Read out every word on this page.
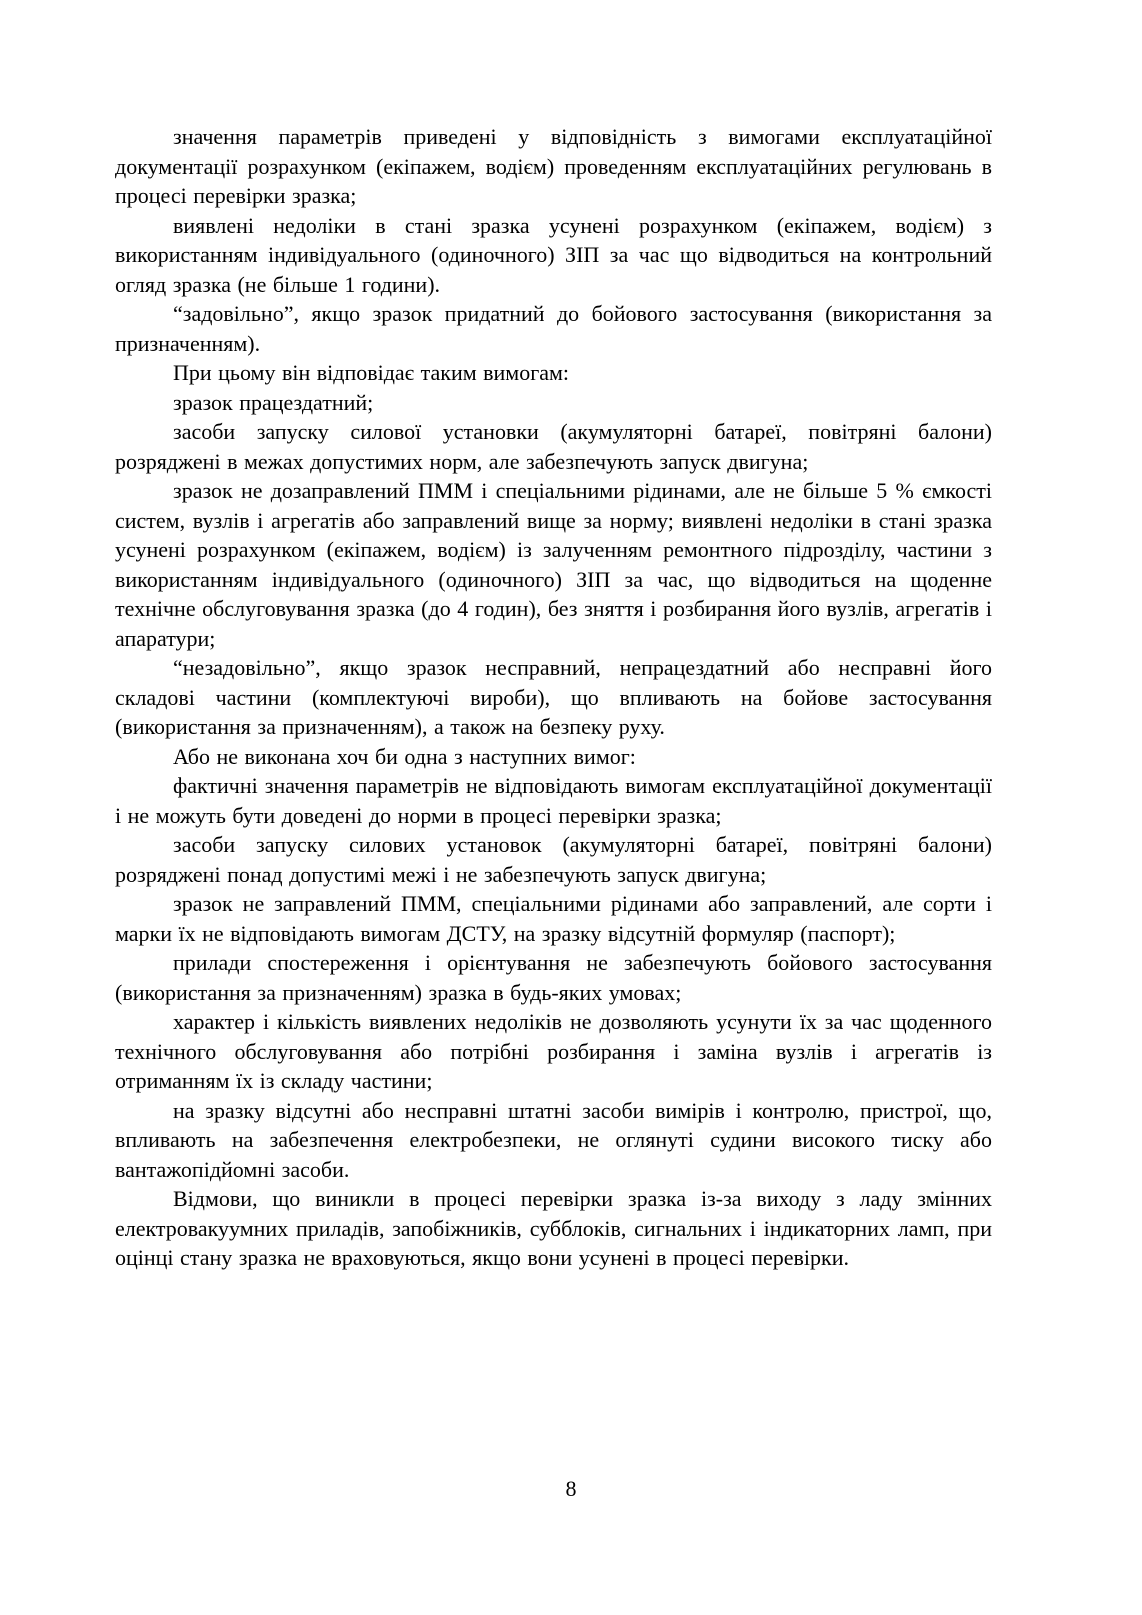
значення параметрів приведені у відповідність з вимогами експлуатаційної документації розрахунком (екіпажем, водієм) проведенням експлуатаційних регулювань в процесі перевірки зразка;

виявлені недоліки в стані зразка усунені розрахунком (екіпажем, водієм) з використанням індивідуального (одиночного) ЗІП за час що відводиться на контрольний огляд зразка (не більше 1 години).

“задовільно”, якщо зразок придатний до бойового застосування (використання за призначенням).

При цьому він відповідає таким вимогам:

зразок працездатний;

засоби запуску силової установки (акумуляторні батареї, повітряні балони) розряджені в межах допустимих норм, але забезпечують запуск двигуна;

зразок не дозаправлений ПММ і спеціальними рідинами, але не більше 5 % ємкості систем, вузлів і агрегатів або заправлений вище за норму; виявлені недоліки в стані зразка усунені розрахунком (екіпажем, водієм) із залученням ремонтного підрозділу, частини з використанням індивідуального (одиночного) ЗІП за час, що відводиться на щоденне технічне обслуговування зразка (до 4 годин), без зняття і розбирання його вузлів, агрегатів і апаратури;

“незадовільно”, якщо зразок несправний, непрацездатний або несправні його складові частини (комплектуючі вироби), що впливають на бойове застосування (використання за призначенням), а також на безпеку руху.

Або не виконана хоч би одна з наступних вимог:

фактичні значення параметрів не відповідають вимогам експлуатаційної документації і не можуть бути доведені до норми в процесі перевірки зразка;

засоби запуску силових установок (акумуляторні батареї, повітряні балони) розряджені понад допустимі межі і не забезпечують запуск двигуна;

зразок не заправлений ПММ, спеціальними рідинами або заправлений, але сорти і марки їх не відповідають вимогам ДСТУ, на зразку відсутній формуляр (паспорт);

прилади спостереження і орієнтування не забезпечують бойового застосування (використання за призначенням) зразка в будь-яких умовах;

характер і кількість виявлених недоліків не дозволяють усунути їх за час щоденного технічного обслуговування або потрібні розбирання і заміна вузлів і агрегатів із отриманням їх із складу частини;

на зразку відсутні або несправні штатні засоби вимірів і контролю, пристрої, що, впливають на забезпечення електробезпеки, не оглянуті судини високого тиску або вантажопідйомні засоби.

Відмови, що виникли в процесі перевірки зразка із-за виходу з ладу змінних електровакуумних приладів, запобіжників, субблоків, сигнальних і індикаторних ламп, при оцінці стану зразка не враховуються, якщо вони усунені в процесі перевірки.

8
